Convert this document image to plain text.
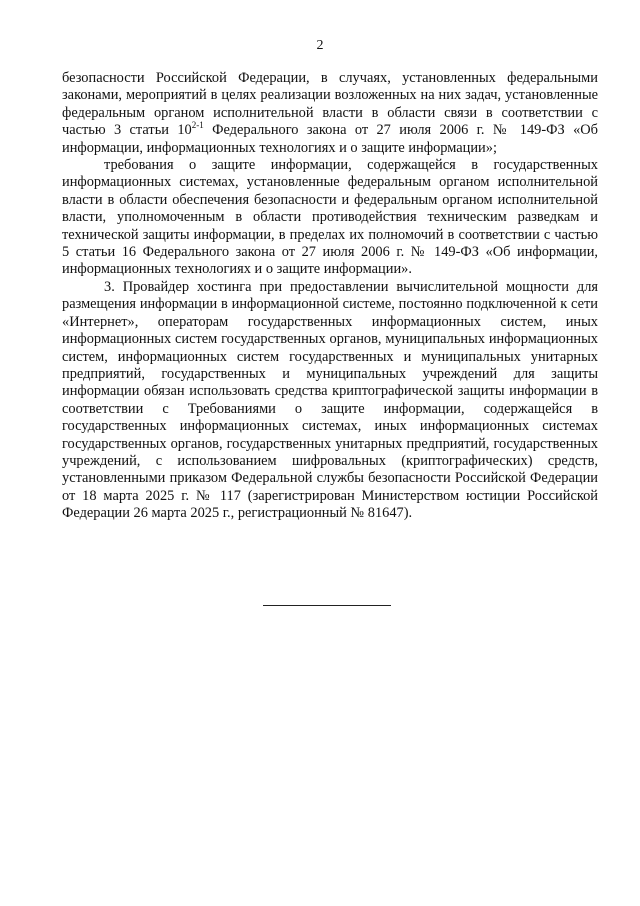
2

безопасности Российской Федерации, в случаях, установленных федеральными законами, мероприятий в целях реализации возложенных на них задач, установленные федеральным органом исполнительной власти в области связи в соответствии с частью 3 статьи 10$^{2-1}$ Федерального закона от 27 июля 2006 г. № 149-ФЗ «Об информации, информационных технологиях и о защите информации»;

требования о защите информации, содержащейся в государственных информационных системах, установленные федеральным органом исполнительной власти в области обеспечения безопасности и федеральным органом исполнительной власти, уполномоченным в области противодействия техническим разведкам и технической защиты информации, в пределах их полномочий в соответствии с частью 5 статьи 16 Федерального закона от 27 июля 2006 г. № 149-ФЗ «Об информации, информационных технологиях и о защите информации».

3. Провайдер хостинга при предоставлении вычислительной мощности для размещения информации в информационной системе, постоянно подключенной к сети «Интернет», операторам государственных информационных систем, иных информационных систем государственных органов, муниципальных информационных систем, информационных систем государственных и муниципальных унитарных предприятий, государственных и муниципальных учреждений для защиты информации обязан использовать средства криптографической защиты информации в соответствии с Требованиями о защите информации, содержащейся в государственных информационных системах, иных информационных системах государственных органов, государственных унитарных предприятий, государственных учреждений, с использованием шифровальных (криптографических) средств, установленными приказом Федеральной службы безопасности Российской Федерации от 18 марта 2025 г. № 117 (зарегистрирован Министерством юстиции Российской Федерации 26 марта 2025 г., регистрационный № 81647).
